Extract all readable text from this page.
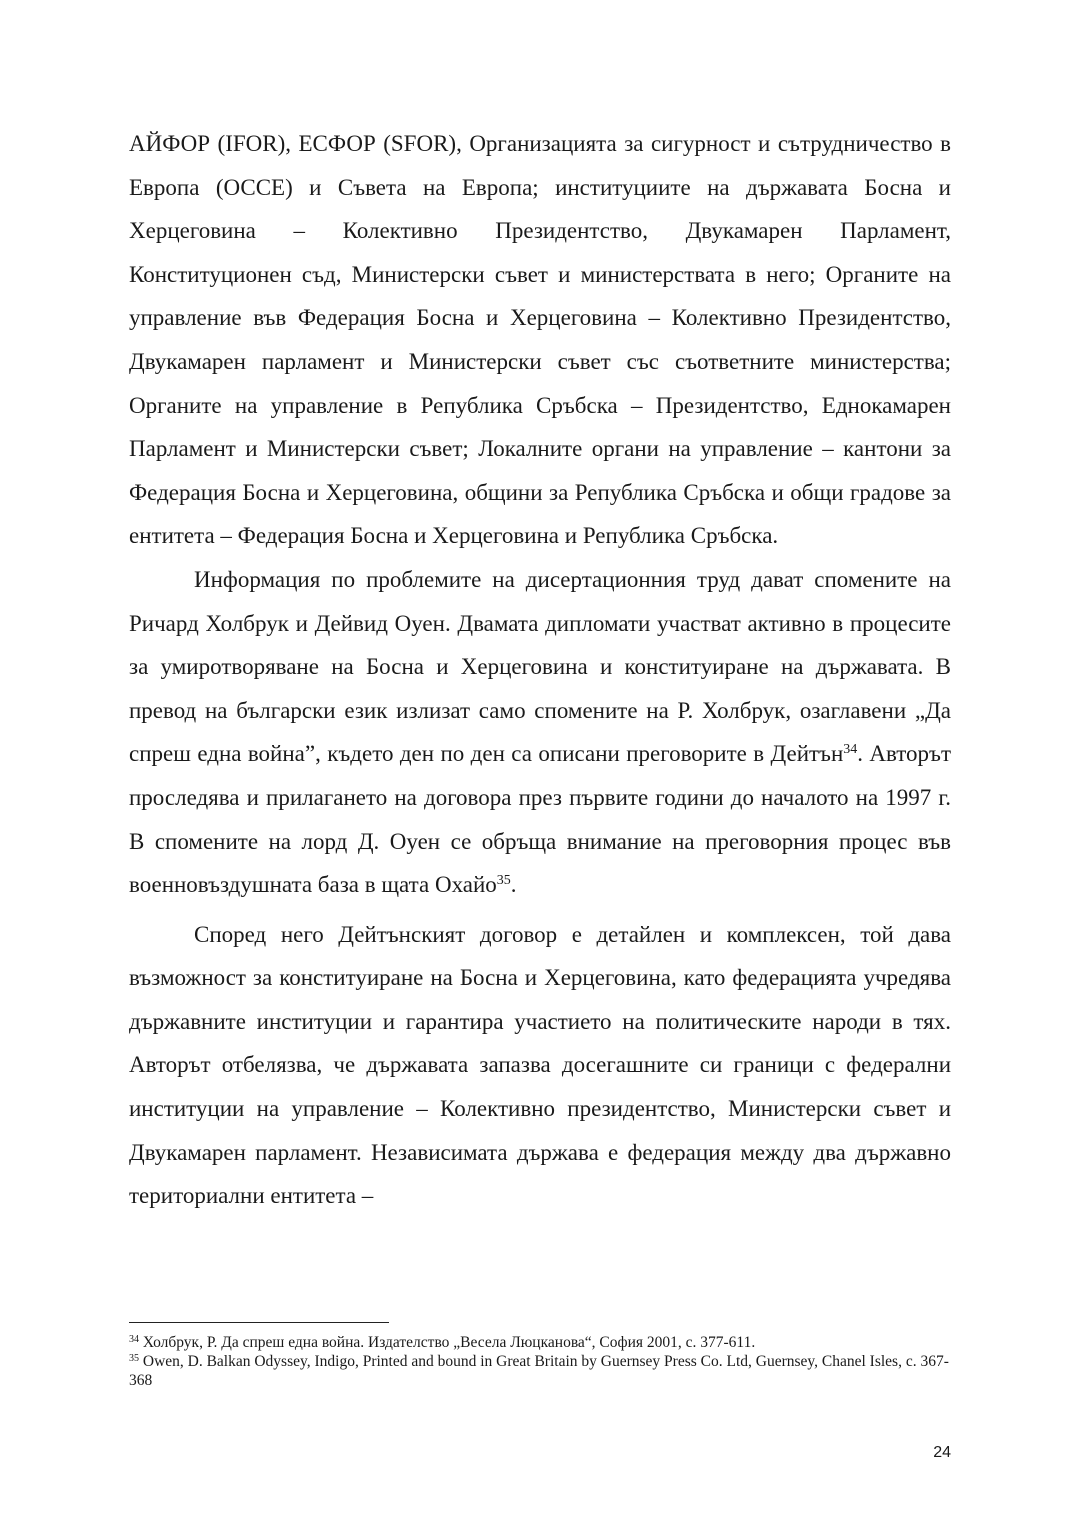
АЙФОР (IFOR), ЕСФОР (SFOR), Организацията за сигурност и сътрудничество в Европа (ОССЕ) и Съвета на Европа; институциите на държавата Босна и Херцеговина – Колективно Президентство, Двукамарен Парламент, Конституционен съд, Министерски съвет и министерствата в него; Органите на управление във Федерация Босна и Херцеговина – Колективно Президентство, Двукамарен парламент и Министерски съвет със съответните министерства; Органите на управление в Република Сръбска – Президентство, Еднокамарен Парламент и Министерски съвет; Локалните органи на управление – кантони за Федерация Босна и Херцеговина, общини за Република Сръбска и общи градове за ентитета – Федерация Босна и Херцеговина и Република Сръбска.

Информация по проблемите на дисертационния труд дават спомените на Ричард Холбрук и Дейвид Оуен. Двамата дипломати участват активно в процесите за умиротворяване на Босна и Херцеговина и конституиране на държавата. В превод на български език излизат само спомените на Р. Холбрук, озаглавени „Да спреш една война”, където ден по ден са описани преговорите в Дейтън$^{34}$. Авторът проследява и прилагането на договора през първите години до началото на 1997 г. В спомените на лорд Д. Оуен се обръща внимание на преговорния процес във военновъздушната база в щата Охайо$^{35}$.

Според него Дейтънският договор е детайлен и комплексен, той дава възможност за конституиране на Босна и Херцеговина, като федерацията учредява държавните институции и гарантира участието на политическите народи в тях. Авторът отбелязва, че държавата запазва досегашните си граници с федерални институции на управление – Колективно президентство, Министерски съвет и Двукамарен парламент. Независимата държава е федерация между два държавно териториални ентитета –

$^{34}$ Холбрук, Р. Да спреш една война. Издателство „Весела Люцканова“, София 2001, с. 377-611.

$^{35}$ Owen, D. Balkan Odyssey, Indigo, Printed and bound in Great Britain by Guernsey Press Co. Ltd, Guernsey, Chanel Isles, с. 367-368

24
